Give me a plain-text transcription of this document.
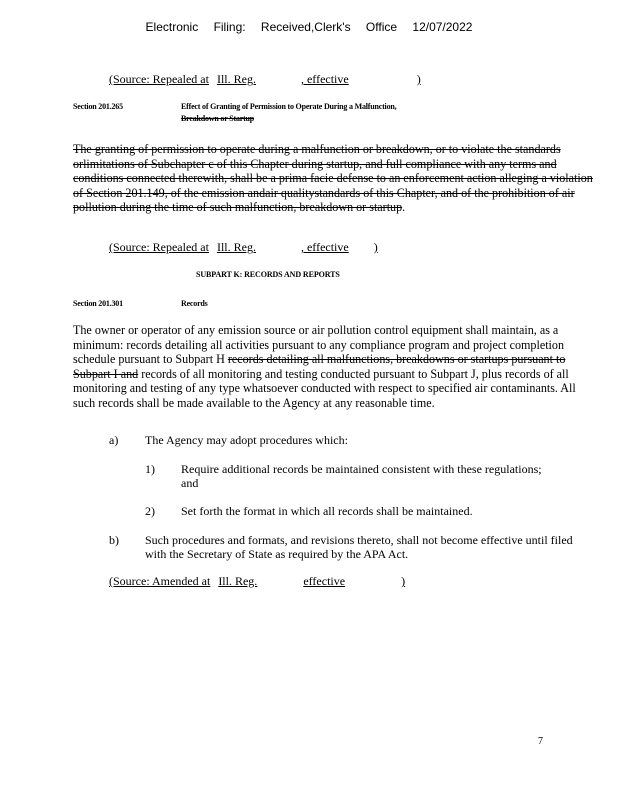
Electronic Filing: Received,Clerk's Office 12/07/2022
(Source: Repealed at Ill. Reg.	, effective	)
Section 201.265	Effect of Granting of Permission to Operate During a Malfunction,
Breakdown or Startup
The granting of permission to operate during a malfunction or breakdown, or to violate the standards orlimitations of Subchapter c of this Chapter during startup, and full compliance with any terms and conditions connected therewith, shall be a prima facie defense to an enforcement action alleging a violation of Section 201.149, of the emission andair qualitystandards of this Chapter, and of the prohibition of air pollution during the time of such malfunction, breakdown or startup.
(Source: Repealed at Ill. Reg.	, effective )
SUBPART K: RECORDS AND REPORTS
Section 201.301	Records
The owner or operator of any emission source or air pollution control equipment shall maintain, as a minimum: records detailing all activities pursuant to any compliance program and project completion schedule pursuant to Subpart H records detailing all malfunctions, breakdowns or startups pursuant to Subpart I and records of all monitoring and testing conducted pursuant to Subpart J, plus records of all monitoring and testing of any type whatsoever conducted with respect to specified air contaminants. All such records shall be made available to the Agency at any reasonable time.
a) The Agency may adopt procedures which:
1) Require additional records be maintained consistent with these regulations; and
2) Set forth the format in which all records shall be maintained.
b) Such procedures and formats, and revisions thereto, shall not become effective until filed with the Secretary of State as required by the APA Act.
(Source: Amended at Ill. Reg.	effective	)
7
